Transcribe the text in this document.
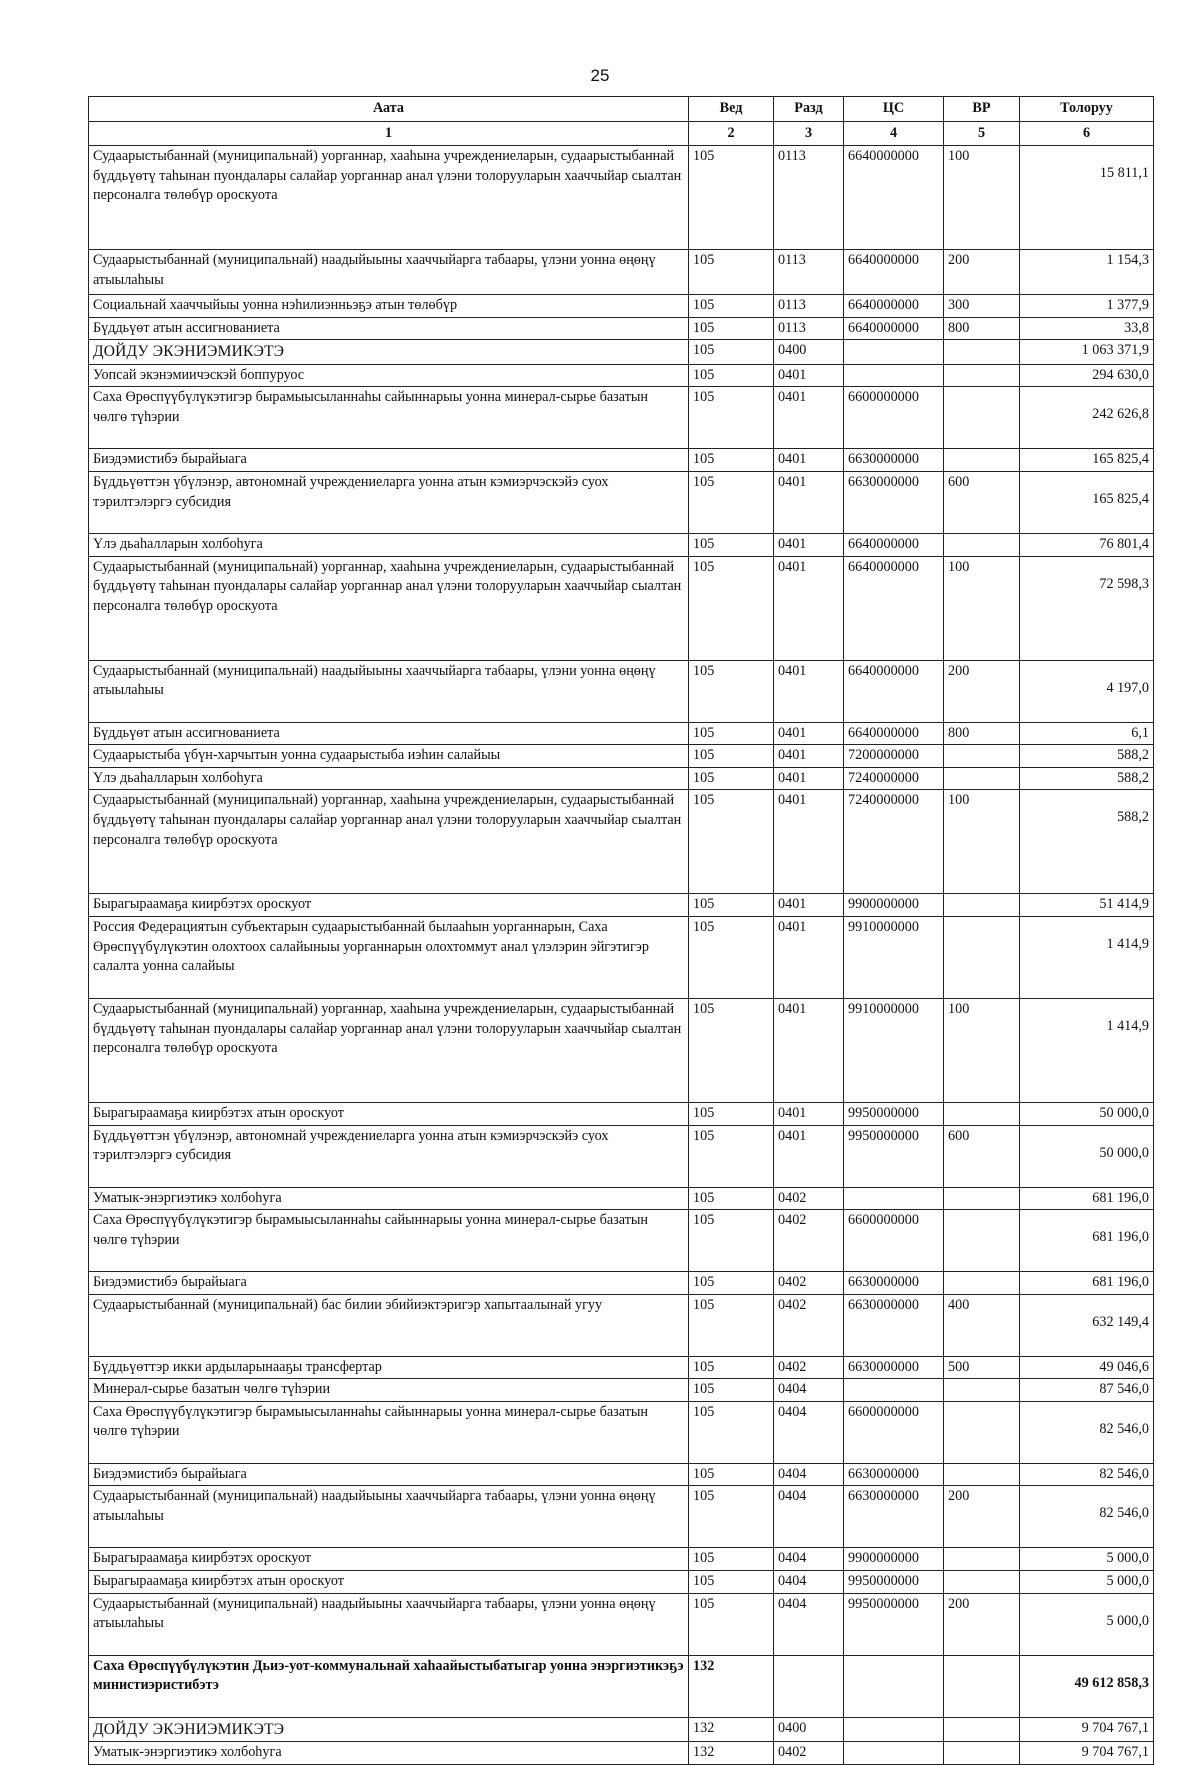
25
Аата	Вед	Разд	ЦС	ВР	Толоруу
1	2	3	4	5	6
Судаарыстыбаннай (муниципальнай) уорганнар, хааһына учреждениеларын, судаарыстыбаннай бүддьүөтү таһынан пуондалары салайар уорганнар анал үлэни толорууларын хааччыйар сыалтан персоналга төлөбүр ороскуота	105	0113	6640000000	100	15 811,1
Судаарыстыбаннай (муниципальнай) наадыйыыны хааччыйарга табаары, үлэни уонна өңөңү атыылаһыы	105	0113	6640000000	200	1 154,3
Социальнай хааччыйыы уонна нэһилиэнньэҕэ атын төлөбүр	105	0113	6640000000	300	1 377,9
Бүддьүөт атын ассигнованиета	105	0113	6640000000	800	33,8
ДОЙДУ ЭКЭНИЭМИКЭТЭ	105	0400			1 063 371,9
Уопсай экэнэмиичэскэй боппуруос	105	0401			294 630,0
Саха Өрөспүүбүлүкэтигэр бырамыысыланнаһы сайыннарыы уонна минерал-сырье базатын чөлгө түһэрии	105	0401	6600000000		242 626,8
Биэдэмистибэ бырайыага	105	0401	6630000000		165 825,4
Бүддьүөттэн үбүлэнэр, автономнай учреждениеларга уонна атын кэмиэрчэскэйэ суох тэрилтэлэргэ субсидия	105	0401	6630000000	600	165 825,4
Үлэ дьаһалларын холбоһуга	105	0401	6640000000		76 801,4
Судаарыстыбаннай (муниципальнай) уорганнар, хааһына учреждениеларын, судаарыстыбаннай бүддьүөтү таһынан пуондалары салайар уорганнар анал үлэни толорууларын хааччыйар сыалтан персоналга төлөбүр ороскуота	105	0401	6640000000	100	72 598,3
Судаарыстыбаннай (муниципальнай) наадыйыыны хааччыйарга табаары, үлэни уонна өңөңү атыылаһыы	105	0401	6640000000	200	4 197,0
Бүддьүөт атын ассигнованиета	105	0401	6640000000	800	6,1
Судаарыстыба үбүн-харчытын уонна судаарыстыба иэһин салайыы	105	0401	7200000000		588,2
Үлэ дьаһалларын холбоһуга	105	0401	7240000000		588,2
Судаарыстыбаннай (муниципальнай) уорганнар, хааһына учреждениеларын, судаарыстыбаннай бүддьүөтү таһынан пуондалары салайар уорганнар анал үлэни толорууларын хааччыйар сыалтан персоналга төлөбүр ороскуота	105	0401	7240000000	100	588,2
Бырагыраамаҕа киирбэтэх ороскуот	105	0401	9900000000		51 414,9
Россия Федерациятын субъектарын судаарыстыбаннай былааһын уорганнарын, Саха Өрөспүүбүлүкэтин олохтоох салайыныы уорганнарын олохтоммут анал үлэлэрин эйгэтигэр салалта уонна салайыы	105	0401	9910000000		1 414,9
Судаарыстыбаннай (муниципальнай) уорганнар, хааһына учреждениеларын, судаарыстыбаннай бүддьүөтү таһынан пуондалары салайар уорганнар анал үлэни толорууларын хааччыйар сыалтан персоналга төлөбүр ороскуота	105	0401	9910000000	100	1 414,9
Бырагыраамаҕа киирбэтэх атын ороскуот	105	0401	9950000000		50 000,0
Бүддьүөттэн үбүлэнэр, автономнай учреждениеларга уонна атын кэмиэрчэскэйэ суох тэрилтэлэргэ субсидия	105	0401	9950000000	600	50 000,0
Уматык-энэргиэтикэ холбоһуга	105	0402			681 196,0
Саха Өрөспүүбүлүкэтигэр бырамыысыланнаһы сайыннарыы уонна минерал-сырье базатын чөлгө түһэрии	105	0402	6600000000		681 196,0
Биэдэмистибэ бырайыага	105	0402	6630000000		681 196,0
Судаарыстыбаннай (муниципальнай) бас билии эбийиэктэригэр хапытаалынай угуу	105	0402	6630000000	400	632 149,4
Бүддьүөттэр икки ардыларынааҕы трансфертар	105	0402	6630000000	500	49 046,6
Минерал-сырье базатын чөлгө түһэрии	105	0404			87 546,0
Саха Өрөспүүбүлүкэтигэр бырамыысыланнаһы сайыннарыы уонна минерал-сырье базатын чөлгө түһэрии	105	0404	6600000000		82 546,0
Биэдэмистибэ бырайыага	105	0404	6630000000		82 546,0
Судаарыстыбаннай (муниципальнай) наадыйыыны хааччыйарга табаары, үлэни уонна өңөңү атыылаһыы	105	0404	6630000000	200	82 546,0
Бырагыраамаҕа киирбэтэх ороскуот	105	0404	9900000000		5 000,0
Бырагыраамаҕа киирбэтэх атын ороскуот	105	0404	9950000000		5 000,0
Судаарыстыбаннай (муниципальнай) наадыйыыны хааччыйарга табаары, үлэни уонна өңөңү атыылаһыы	105	0404	9950000000	200	5 000,0
Саха Өрөспүүбүлүкэтин Дьиэ-уот-коммунальнай хаһаайыстыбатыгар уонна энэргиэтикэҕэ министиэристибэтэ	132				49 612 858,3
ДОЙДУ ЭКЭНИЭМИКЭТЭ	132	0400			9 704 767,1
Уматык-энэргиэтикэ холбоһуга	132	0402			9 704 767,1
